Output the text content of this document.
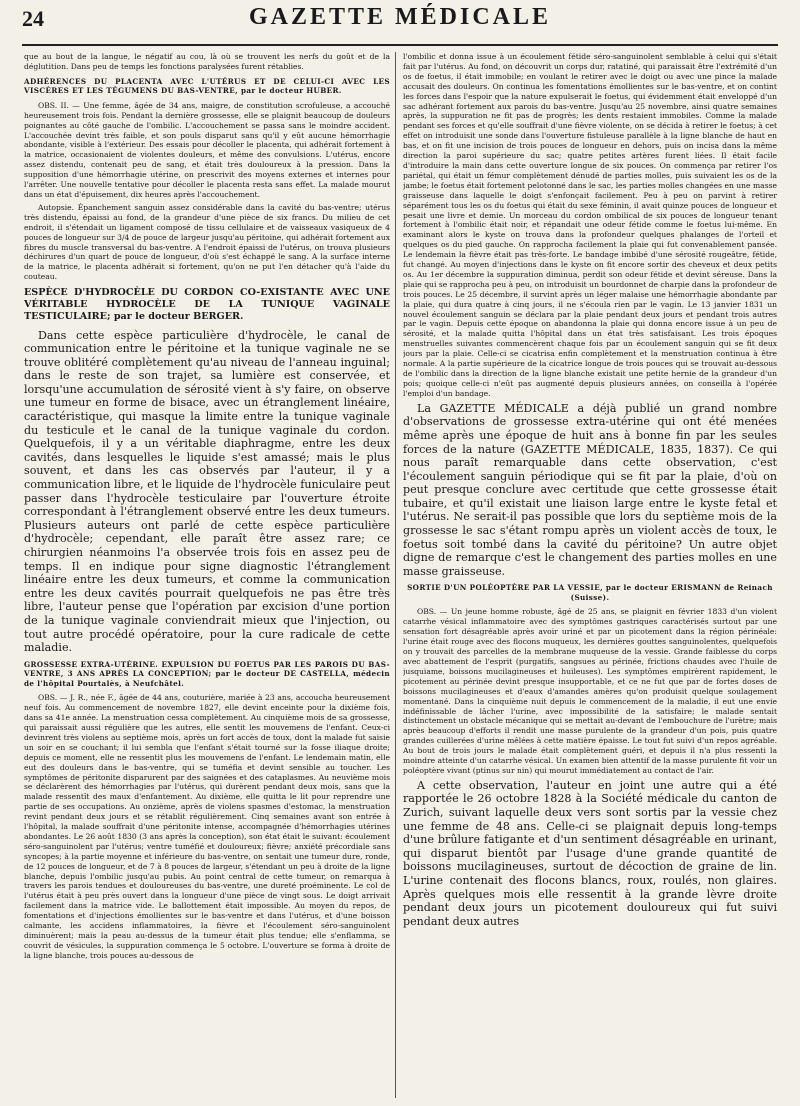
24	GAZETTE MÉDICALE

que au bout de la langue, le négatif au cou, là où se trouvent les nerfs du goût et de la déglutition. Dans peu de temps les fonctions paralysées furent rétablies.

ADHÉRENCES DU PLACENTA AVEC L'UTÉRUS ET DE CELUI-CI AVEC LES VISCÈRES ET LES TÉGUMENS DU BAS-VENTRE, par le docteur HUBER.

OBS. II. — Une femme, âgée de 34 ans, maigre, de constitution scrofuleuse, a accouché heureusement trois fois. Pendant la dernière grossesse, elle se plaignit beaucoup de douleurs poignantes au côté gauche de l'ombilic. L'accouchement se passa sans le moindre accident. L'accouchée devint très faible, et son pouls disparut sans qu'il y eût aucune hémorrhagie abondante, visible à l'extérieur. Des essais pour décoller le placenta, qui adhérait fortement à la matrice, occasionaient de violentes douleurs, et même des convulsions. L'utérus, encore assez distendu, contenait peu de sang, et était très douloureux à la pression. Dans la supposition d'une hémorrhagie utérine, on prescrivit des moyens externes et internes pour l'arrêter. Une nouvelle tentative pour décoller le placenta resta sans effet. La malade mourut dans un état d'épuisement, dix heures après l'accouchement.

Autopsie. Épanchement sanguin assez considérable dans la cavité du bas-ventre; utérus très distendu, épaissi au fond, de la grandeur d'une pièce de six francs. Du milieu de cet endroit, il s'étendait un ligament composé de tissu cellulaire et de vaisseaux vasiqueux de 4 pouces de longueur sur 3/4 de pouce de largeur jusqu'au péritoine, qui adhérait fortement aux fibres du muscle transversal du bas-ventre. A l'endroit épaissi de l'utérus, on trouva plusieurs déchirures d'un quart de pouce de longueur, d'où s'est échappé le sang. A la surface interne de la matrice, le placenta adhérait si fortement, qu'on ne put l'en détacher qu'à l'aide du couteau.

ESPÈCE D'HYDROCÈLE DU CORDON CO-EXISTANTE AVEC UNE VÉRITABLE HYDROCÈLE DE LA TUNIQUE VAGINALE TESTICULAIRE; par le docteur BERGER.

Dans cette espèce particulière d'hydrocèle, le canal de communication entre le péritoine et la tunique vaginale ne se trouve oblitéré complètement qu'au niveau de l'anneau inguinal; dans le reste de son trajet, sa lumière est conservée, et lorsqu'une accumulation de sérosité vient à s'y faire, on observe une tumeur en forme de bisace, avec un étranglement linéaire, caractéristique, qui masque la limite entre la tunique vaginale du testicule et le canal de la tunique vaginale du cordon. Quelquefois, il y a un véritable diaphragme, entre les deux cavités, dans lesquelles le liquide s'est amassé; mais le plus souvent, et dans les cas observés par l'auteur, il y a communication libre, et le liquide de l'hydrocèle funiculaire peut passer dans l'hydrocèle testiculaire par l'ouverture étroite correspondant à l'étranglement observé entre les deux tumeurs. Plusieurs auteurs ont parlé de cette espèce particulière d'hydrocèle; cependant, elle paraît être assez rare; ce chirurgien néanmoins l'a observée trois fois en assez peu de temps. Il en indique pour signe diagnostic l'étranglement linéaire entre les deux tumeurs, et comme la communication entre les deux cavités pourrait quelquefois ne pas être très libre, l'auteur pense que l'opération par excision d'une portion de la tunique vaginale conviendrait mieux que l'injection, ou tout autre procédé opératoire, pour la cure radicale de cette maladie.

GROSSESSE EXTRA-UTÉRINE. EXPULSION DU FOETUS PAR LES PAROIS DU BAS-VENTRE, 3 ANS APRÈS LA CONCEPTION; par le docteur DE CASTELLA, médecin de l'hôpital Pourtalès, à Neufchâtel.

OBS. — J. R., née F., âgée de 44 ans, couturière, mariée à 23 ans, accoucha heureusement neuf fois. Au commencement de novembre 1827, elle devint enceinte pour la dixième fois, dans sa 41e année. La menstruation cessa complètement. Au cinquième mois de sa grossesse, qui paraissait aussi régulière que les autres, elle sentit les mouvemens de l'enfant. Ceux-ci devinrent très violens au septième mois, après un fort accès de toux, dont la malade fut saisie un soir en se couchant; il lui sembla que l'enfant s'était tourné sur la fosse iliaque droite; depuis ce moment, elle ne ressentit plus les mouvemens de l'enfant. Le lendemain matin, elle eut des douleurs dans le bas-ventre, qui se tuméfia et devint sensible au toucher. Les symptômes de péritonite disparurent par des saignées et des cataplasmes. Au neuvième mois se déclarèrent des hémorrhagies par l'utérus, qui durèrent pendant deux mois, sans que la malade ressentît des maux d'enfantement. Au dixième, elle quitta le lit pour reprendre une partie de ses occupations. Au onzième, après de violens spasmes d'estomac, la menstruation revint pendant deux jours et se rétablit régulièrement. Cinq semaines avant son entrée à l'hôpital, la malade souffrait d'une péritonite intense, accompagnée d'hémorrhagies utérines abondantes. Le 26 août 1830 (3 ans après la conception), son état était le suivant: écoulement séro-sanguinolent par l'utérus; ventre tuméfié et douloureux; fièvre; anxiété précordiale sans syncopes; à la partie moyenne et inférieure du bas-ventre, on sentait une tumeur dure, ronde, de 12 pouces de longueur, et de 7 à 8 pouces de largeur, s'étendant un peu à droite de la ligne blanche, depuis l'ombilic jusqu'au pubis. Au point central de cette tumeur, on remarqua à travers les parois tendues et douloureuses du bas-ventre, une dureté proéminente. Le col de l'utérus était à peu près ouvert dans la longueur d'une pièce de vingt sous. Le doigt arrivait facilement dans la matrice vide. Le ballottement était impossible. Au moyen du repos, de fomentations et d'injections émollientes sur le bas-ventre et dans l'utérus, et d'une boisson calmante, les accidens inflammatoires, la fièvre et l'écoulement séro-sanguinolent diminuèrent; mais la peau au-dessus de la tumeur était plus tendue; elle s'enflamma, se couvrit de vésicules, la suppuration commença le 5 octobre. L'ouverture se forma à droite de la ligne blanche, trois pouces au-dessous de

l'ombilic et donna issue à un écoulement fétide séro-sanguinolent semblable à celui qui s'était fait par l'utérus. Au fond, on découvrit un corps dur, ratatiné, qui paraissait être l'extrémité d'un os de foetus, il était immobile; en voulant le retirer avec le doigt ou avec une pince la malade accusait des douleurs. On continua les fomentations émollientes sur le bas-ventre, et on contint les forces dans l'espoir que la nature expulserait le foetus, qui évidemment était enveloppé d'un sac adhérant fortement aux parois du bas-ventre. Jusqu'au 25 novembre, ainsi quatre semaines après, la suppuration ne fit pas de progrès; les dents restaient immobiles. Comme la malade pendant ses forces et qu'elle souffrait d'une fièvre violente, on se décida à retirer le foetus; à cet effet on introduisit une sonde dans l'ouverture fistuleuse parallèle à la ligne blanche de haut en bas, et on fit une incision de trois pouces de longueur en dehors, puis on incisa dans la même direction la paroi supérieure du sac; quatre petites artères furent liées. Il était facile d'introduire la main dans cette ouverture longue de six pouces. On commença par retirer l'os pariétal, qui était un fémur complètement dénudé de parties molles, puis suivaient les os de la jambe; le foetus était fortement pelotonné dans le sac, les parties molles changées en une masse graisseuse dans laquelle le doigt s'enfonçait facilement. Peu à peu on parvint à retirer séparément tous les os du foetus qui était du sexe féminin, il avait quinze pouces de longueur et pesait une livre et demie. Un morceau du cordon ombilical de six pouces de longueur tenant fortement à l'ombilic était noir, et répandait une odeur fétide comme le foetus lui-même. En examinant alors le kyste on trouva dans la profondeur quelques phalanges de l'orteil et quelques os du pied gauche. On rapprocha facilement la plaie qui fut convenablement pansée. Le lendemain la fièvre était pas très-forte. Le bandage imbibé d'une sérosité rougeâtre, fétide, fut changé. Au moyen d'injections dans le kyste on fit encore sortir des cheveux et deux petits os. Au 1er décembre la suppuration diminua, perdit son odeur fétide et devint séreuse. Dans la plaie qui se rapprocha peu à peu, on introduisit un bourdonnet de charpie dans la profondeur de trois pouces. Le 25 décembre, il survint après un léger malaise une hémorrhagie abondante par la plaie, qui dura quatre à cinq jours, il ne s'écoula rien par le vagin. Le 13 janvier 1831 un nouvel écoulement sanguin se déclara par la plaie pendant deux jours et pendant trois autres par le vagin. Depuis cette époque on abandonna la plaie qui donna encore issue à un peu de sérosité, et la malade quitta l'hôpital dans un état très satisfaisant. Les trois époques menstruelles suivantes commencèrent chaque fois par un écoulement sanguin qui se fit deux jours par la plaie. Celle-ci se cicatrisa enfin complètement et la menstruation continua à être normale. A la partie supérieure de la cicatrice longue de trois pouces qui se trouvait au-dessous de l'ombilic dans la direction de la ligne blanche existait une petite hernie de la grandeur d'un pois; quoique celle-ci n'eût pas augmenté depuis plusieurs années, on conseilla à l'opérée l'emploi d'un bandage.

La GAZETTE MÉDICALE a déjà publié un grand nombre d'observations de grossesse extra-utérine qui ont été menées même après une époque de huit ans à bonne fin par les seules forces de la nature (GAZETTE MÉDICALE, 1835, 1837). Ce qui nous paraît remarquable dans cette observation, c'est l'écoulement sanguin périodique qui se fit par la plaie, d'où on peut presque conclure avec certitude que cette grossesse était tubaire, et qu'il existait une liaison large entre le kyste fetal et l'utérus. Ne serait-il pas possible que lors du septième mois de la grossesse le sac s'étant rompu après un violent accès de toux, le foetus soit tombé dans la cavité du péritoine? Un autre objet digne de remarque c'est le changement des parties molles en une masse graisseuse.

SORTIE D'UN POLÉOPTÈRE PAR LA VESSIE, par le docteur ERISMANN de Reinach (Suisse).

OBS. — Un jeune homme robuste, âgé de 25 ans, se plaignit en février 1833 d'un violent catarrhe vésical inflammatoire avec des symptômes gastriques caractérisés surtout par une sensation fort désagréable après avoir uriné et par un picotement dans la région périnéale: l'urine était rouge avec des flocons muqueux, les dernières gouttes sanguinolentes, quelquefois on y trouvait des parcelles de la membrane muqueuse de la vessie. Grande faiblesse du corps avec abattement de l'esprit (purgatifs, sangsues au périnée, frictions chaudes avec l'huile de jusquiame, boissons mucilagineuses et huileuses). Les symptômes empirèrent rapidement, le picotement au périnée devint presque insupportable, et ce ne fut que par de fortes doses de boissons mucilagineuses et d'eaux d'amandes amères qu'on produisit quelque soulagement momentané. Dans la cinquième nuit depuis le commencement de la maladie, il eut une envie indéfinissable de lâcher l'urine, avec impossibilité de la satisfaire; le malade sentait distinctement un obstacle mécanique qui se mettait au-devant de l'embouchure de l'urètre; mais après beaucoup d'efforts il rendit une masse purulente de la grandeur d'un pois, puis quatre grandes cuillerées d'urine mêlées à cette matière épaisse. Le tout fut suivi d'un repos agréable. Au bout de trois jours le malade était complètement guéri, et depuis il n'a plus ressenti la moindre atteinte d'un catarrhe vésical. Un examen bien attentif de la masse purulente fit voir un poléoptère vivant (ptinus sur nin) qui mourut immédiatement au contact de l'air.

A cette observation, l'auteur en joint une autre qui a été rapportée le 26 octobre 1828 à la Société médicale du canton de Zurich, suivant laquelle deux vers sont sortis par la vessie chez une femme de 48 ans. Celle-ci se plaignait depuis long-temps d'une brûlure fatigante et d'un sentiment désagréable en urinant, qui disparut bientôt par l'usage d'une grande quantité de boissons mucilagineuses, surtout de décoction de graine de lin. L'urine contenait des flocons blancs, roux, roulés, non glaires. Après quelques mois elle ressentit à la grande lèvre droite pendant deux jours un picotement douloureux qui fut suivi pendant deux autres
